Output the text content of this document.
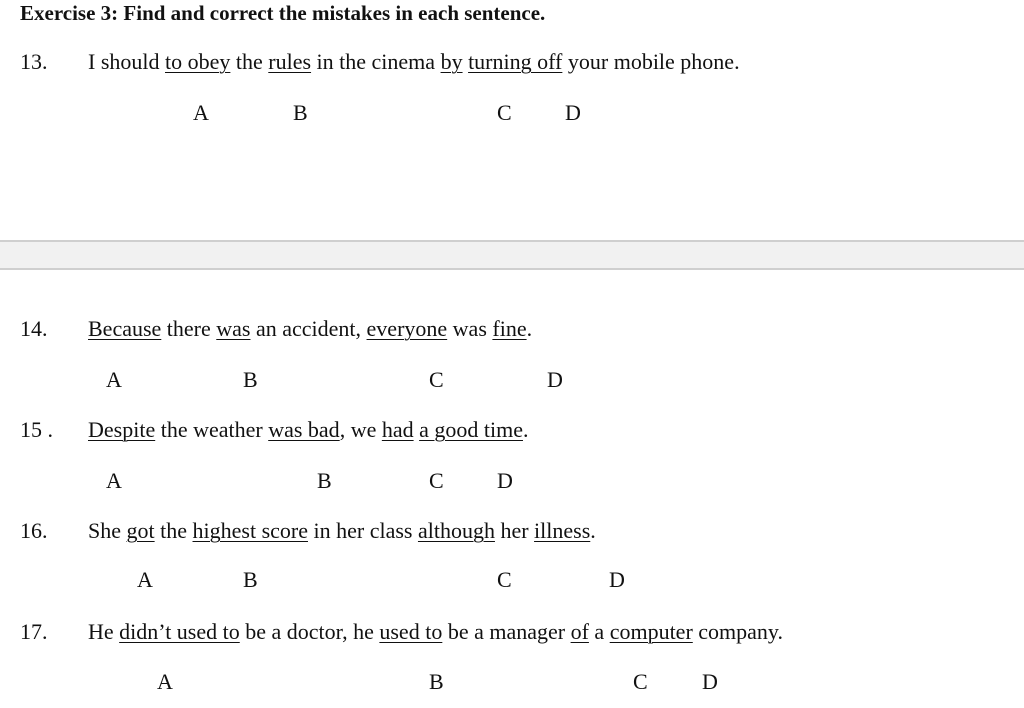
Exercise 3: Find and correct the mistakes in each sentence.
13.	I should to obey the rules in the cinema by turning off your mobile phone.
A	B	C D
14.	Because there was an accident, everyone was fine.
A	B	C	D
15 .	Despite the weather was bad, we had a good time.
A	B	C D
16.	She got the highest score in her class although her illness.
A	B	C	D
17.	He didn’t used to be a doctor, he used to be a manager of a computer company.
A	B	C D
